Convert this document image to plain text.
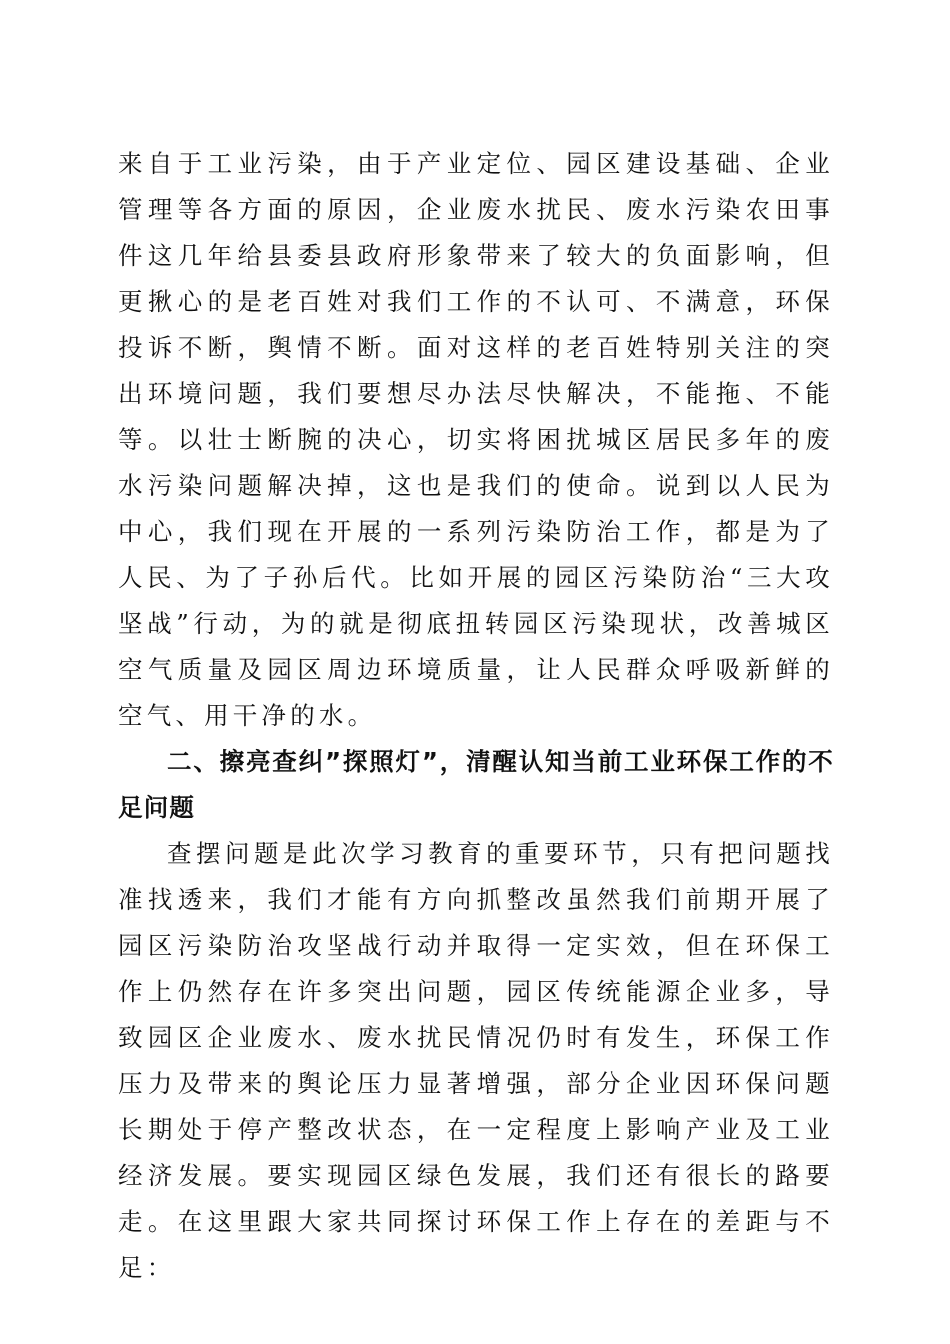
来自于工业污染，由于产业定位、园区建设基础、企业管理等各方面的原因，企业废水扰民、废水污染农田事件这几年给县委县政府形象带来了较大的负面影响，但更揪心的是老百姓对我们工作的不认可、不满意，环保投诉不断，舆情不断。面对这样的老百姓特别关注的突出环境问题，我们要想尽办法尽快解决，不能拖、不能等。以壮士断腕的决心，切实将困扰城区居民多年的废水污染问题解决掉，这也是我们的使命。说到以人民为中心，我们现在开展的一系列污染防治工作，都是为了人民、为了子孙后代。比如开展的园区污染防治“三大攻坚战”行动，为的就是彻底扭转园区污染现状，改善城区空气质量及园区周边环境质量，让人民群众呼吸新鲜的空气、用干净的水。

二、擦亮查纠”探照灯”，清醒认知当前工业环保工作的不足问题

查摆问题是此次学习教育的重要环节，只有把问题找准找透来，我们才能有方向抓整改虽然我们前期开展了园区污染防治攻坚战行动并取得一定实效，但在环保工作上仍然存在许多突出问题，园区传统能源企业多，导致园区企业废水、废水扰民情况仍时有发生，环保工作压力及带来的舆论压力显著增强，部分企业因环保问题长期处于停产整改状态，在一定程度上影响产业及工业经济发展。要实现园区绿色发展，我们还有很长的路要走。在这里跟大家共同探讨环保工作上存在的差距与不足：
